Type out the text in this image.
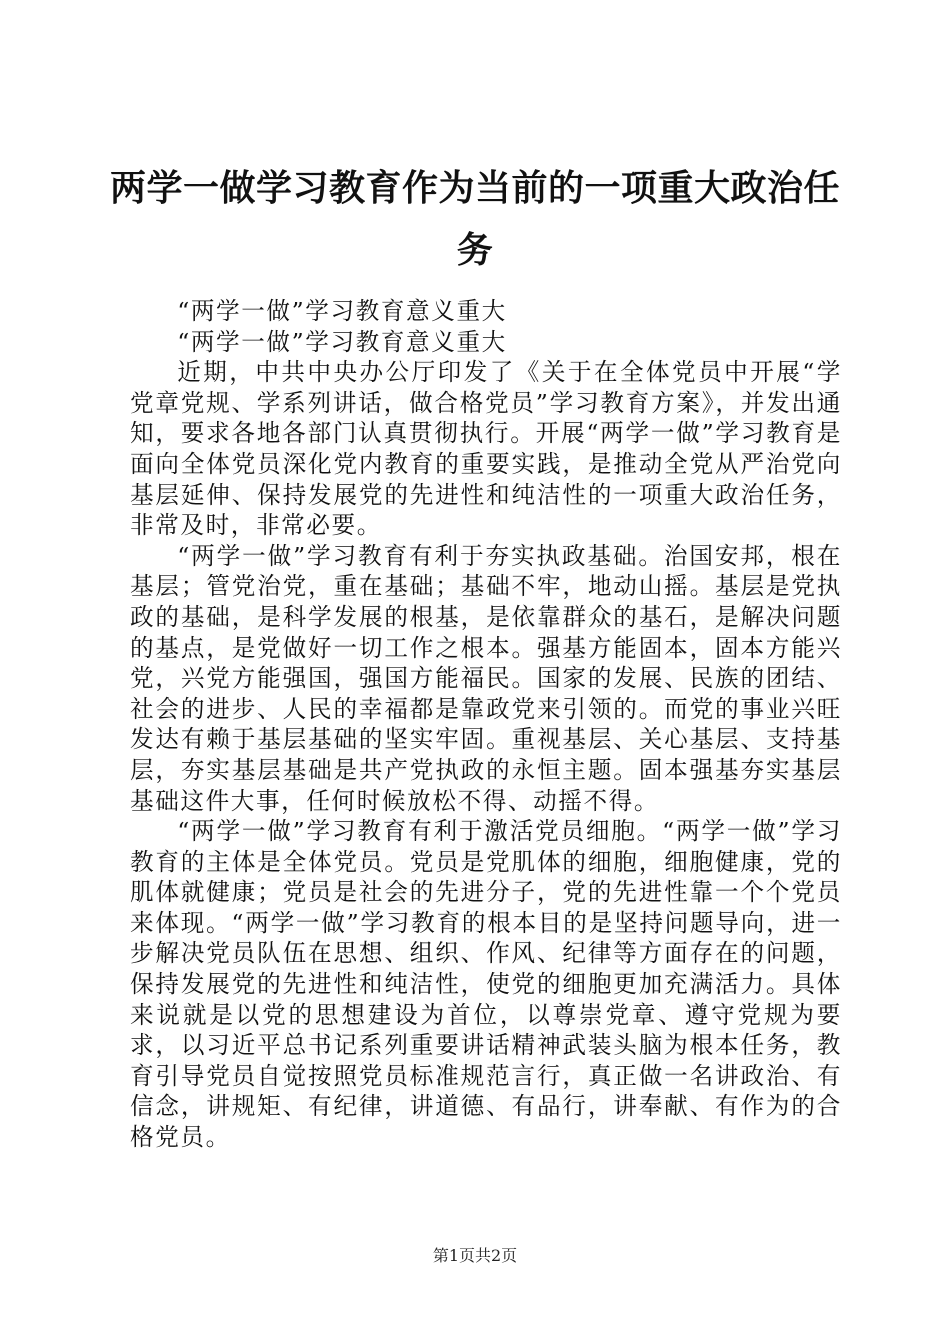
两学一做学习教育作为当前的一项重大政治任
务

“两学一做”学习教育意义重大

“两学一做”学习教育意义重大

近期，中共中央办公厅印发了《关于在全体党员中开展“学党章党规、学系列讲话，做合格党员”学习教育方案》，并发出通知，要求各地各部门认真贯彻执行。开展“两学一做”学习教育是面向全体党员深化党内教育的重要实践，是推动全党从严治党向基层延伸、保持发展党的先进性和纯洁性的一项重大政治任务，非常及时，非常必要。

“两学一做”学习教育有利于夯实执政基础。治国安邦，根在基层；管党治党，重在基础；基础不牢，地动山摇。基层是党执政的基础，是科学发展的根基，是依靠群众的基石，是解决问题的基点，是党做好一切工作之根本。强基方能固本，固本方能兴党，兴党方能强国，强国方能福民。国家的发展、民族的团结、社会的进步、人民的幸福都是靠政党来引领的。而党的事业兴旺发达有赖于基层基础的坚实牢固。重视基层、关心基层、支持基层，夯实基层基础是共产党执政的永恒主题。固本强基夯实基层基础这件大事，任何时候放松不得、动摇不得。

“两学一做”学习教育有利于激活党员细胞。“两学一做”学习教育的主体是全体党员。党员是党肌体的细胞，细胞健康，党的肌体就健康；党员是社会的先进分子，党的先进性靠一个个党员来体现。“两学一做”学习教育的根本目的是坚持问题导向，进一步解决党员队伍在思想、组织、作风、纪律等方面存在的问题，保持发展党的先进性和纯洁性，使党的细胞更加充满活力。具体来说就是以党的思想建设为首位，以尊崇党章、遵守党规为要求，以习近平总书记系列重要讲话精神武装头脑为根本任务，教育引导党员自觉按照党员标准规范言行，真正做一名讲政治、有信念，讲规矩、有纪律，讲道德、有品行，讲奉献、有作为的合格党员。

第1页共2页
